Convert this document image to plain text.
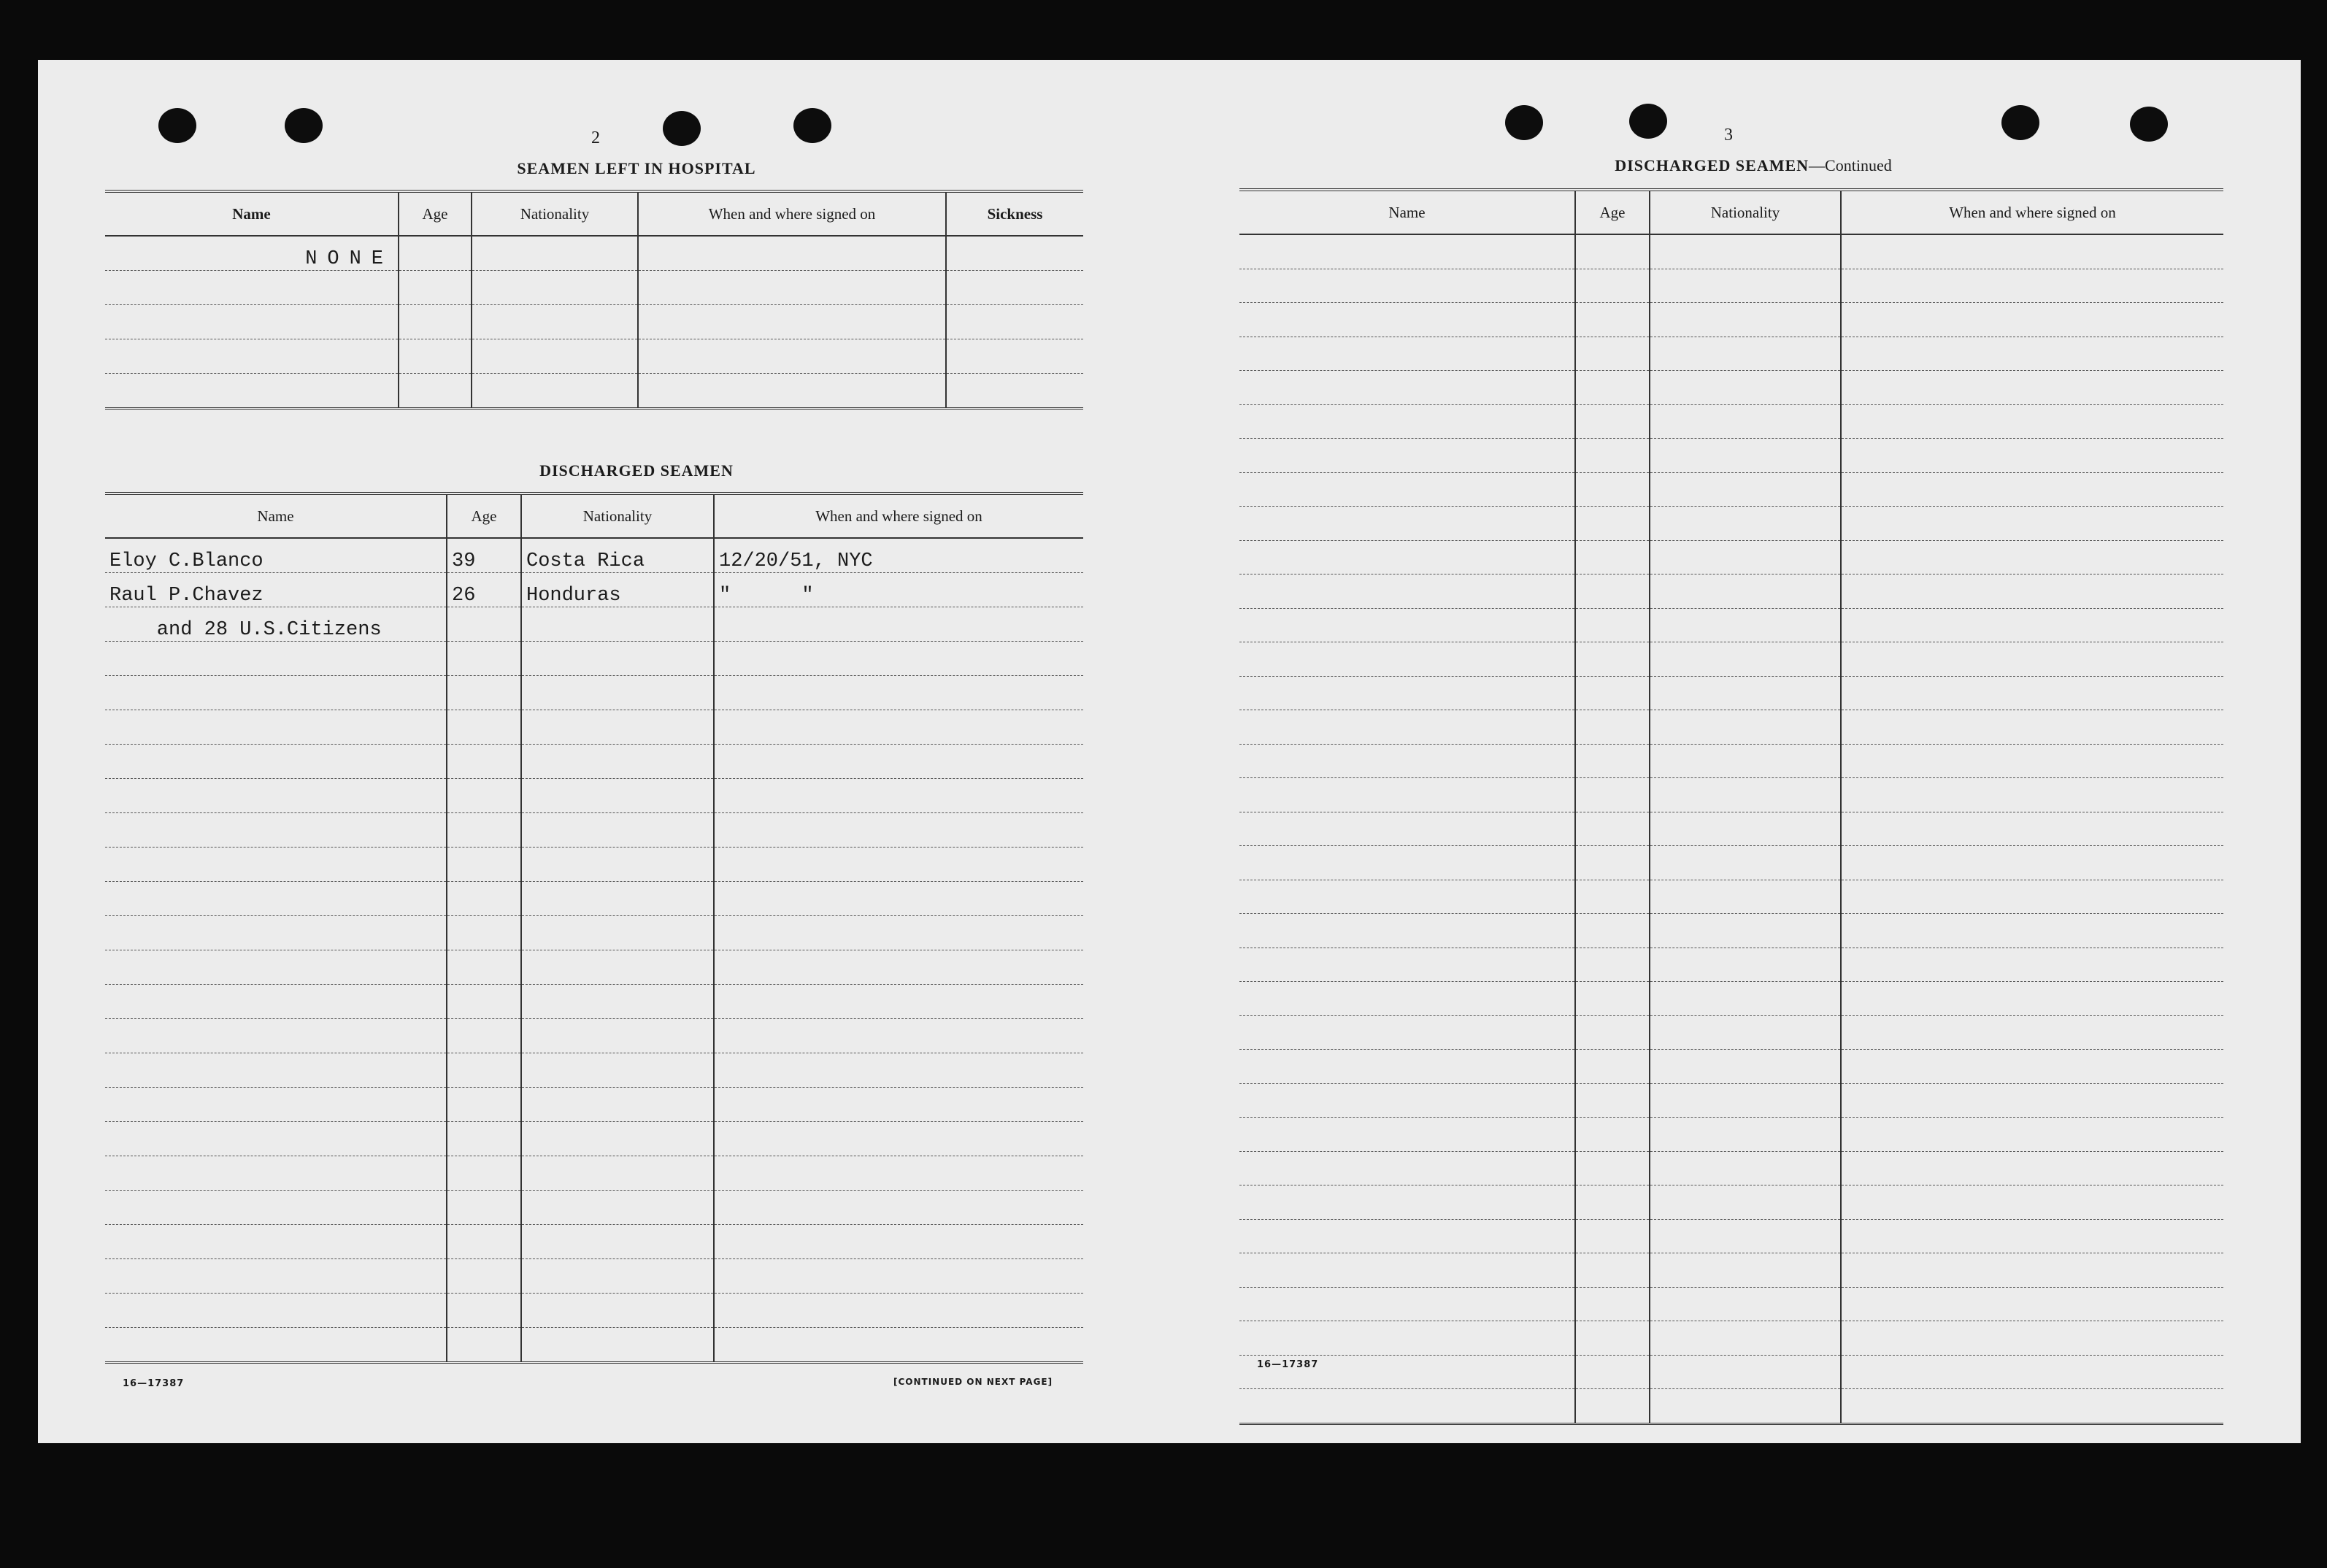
2
SEAMEN LEFT IN HOSPITAL
Name	Age	Nationality	When and where signed on	Sickness
NONE				

DISCHARGED SEAMEN
Name	Age	Nationality	When and where signed on
Eloy C.Blanco	39	Costa Rica	12/20/51, NYC
Raul P.Chavez	26	Honduras	"      "
and 28 U.S.Citizens			

16—17387	[CONTINUED ON NEXT PAGE]
3
DISCHARGED SEAMEN—Continued
Name	Age	Nationality	When and where signed on

16—17387
